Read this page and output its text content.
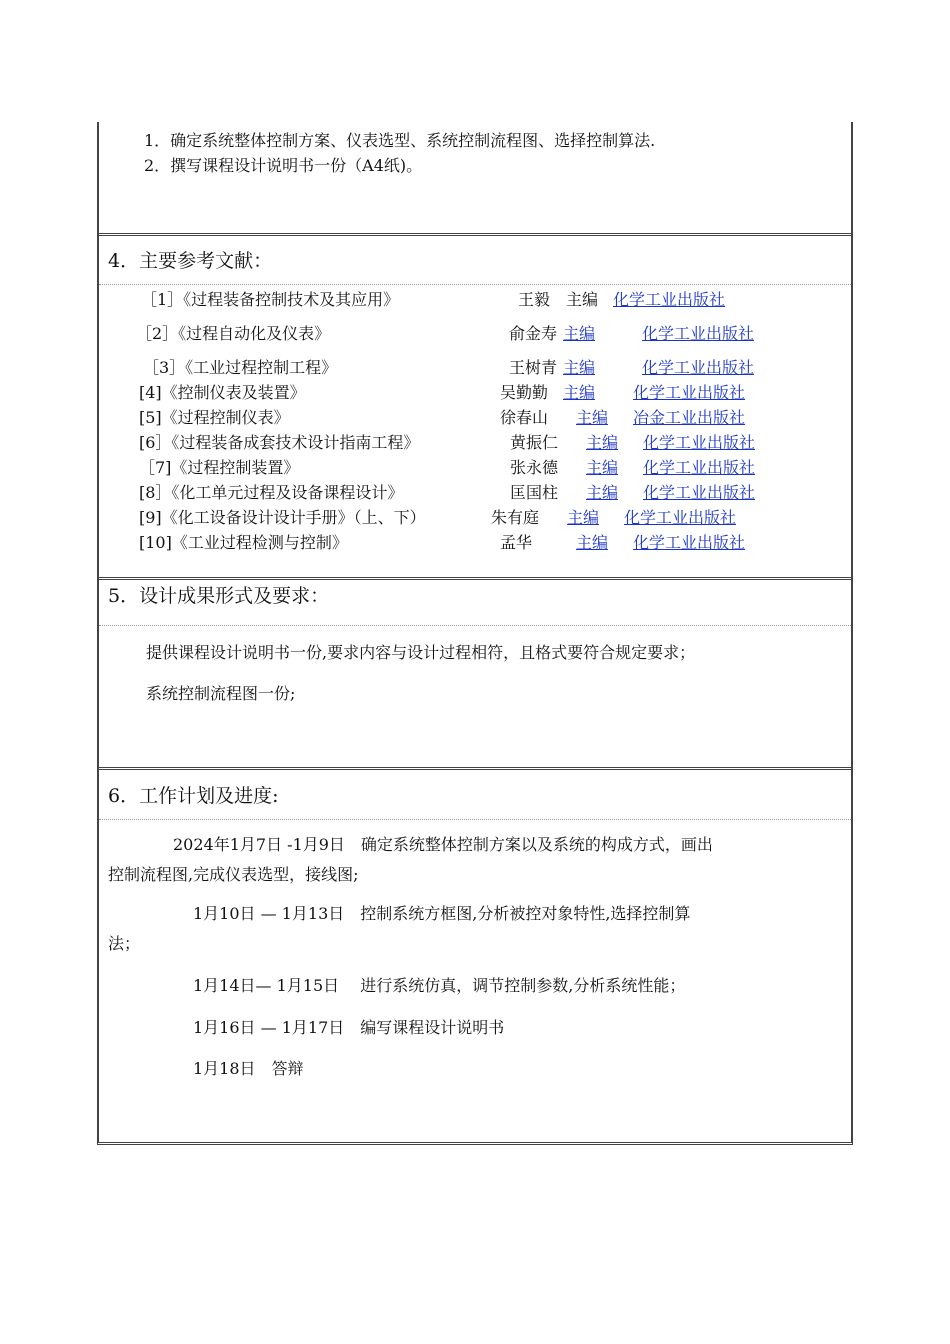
1．确定系统整体控制方案、仪表选型、系统控制流程图、选择控制算法.
2．撰写课程设计说明书一份（A4纸)。
4．主要参考文献：
［1］《过程装备控制技术及其应用》	王毅 主编 化学工业出版社
［2］《过程自动化及仪表》	俞金寿 主编	化学工业出版社
［3］《工业过程控制工程》	王树青 主编	化学工业出版社
[4]《控制仪表及装置》	吴勤勤 主编 化学工业出版社
[5]《过程控制仪表》	徐春山 主编 冶金工业出版社
[6］《过程装备成套技术设计指南工程》	黄振仁 主编 化学工业出版社
［7]《过程控制装置》	张永德 主编 化学工业出版社
[8］《化工单元过程及设备课程设计》	匡国柱 主编 化学工业出版社
[9]《化工设备设计设计手册》（上、下）	朱有庭 主编 化学工业出版社
[10]《工业过程检测与控制》	孟华	主编 化学工业出版社
5．设计成果形式及要求：
提供课程设计说明书一份,要求内容与设计过程相符，且格式要符合规定要求；
系统控制流程图一份;
6．工作计划及进度:
2024年1月7日 -1月9日　确定系统整体控制方案以及系统的构成方式，画出
控制流程图,完成仪表选型，接线图;
1月10日 — 1月13日　控制系统方框图,分析被控对象特性,选择控制算
法；
1月14日— 1月15日　 进行系统仿真，调节控制参数,分析系统性能；
1月16日 — 1月17日　编写课程设计说明书
1月18日　答辩
